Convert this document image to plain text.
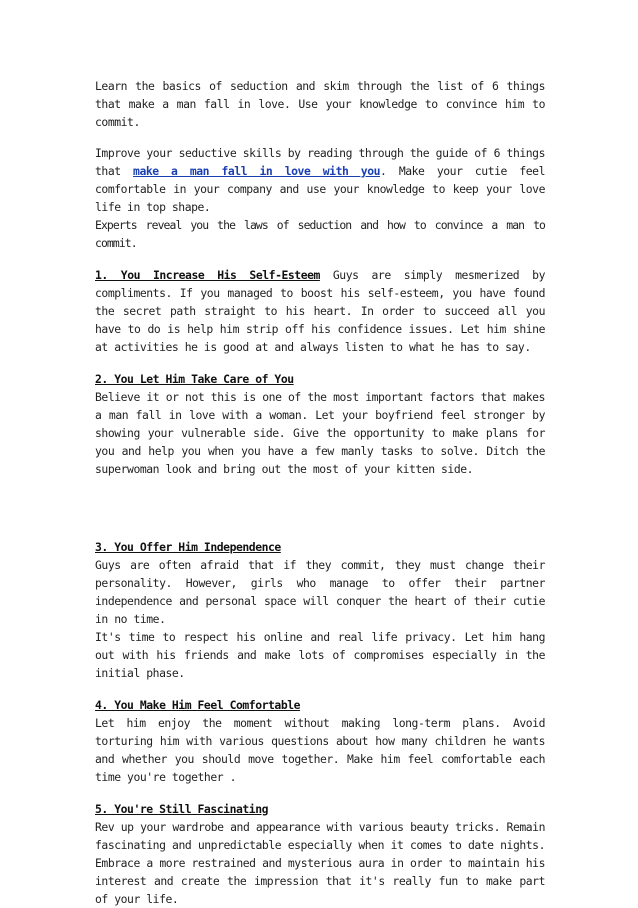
Learn the basics of seduction and skim through the list of 6 things that make a man fall in love. Use your knowledge to convince him to commit.

Improve your seductive skills by reading through the guide of 6 things that make a man fall in love with you. Make your cutie feel comfortable in your company and use your knowledge to keep your love life in top shape.

Experts reveal you the laws of seduction and how to convince a man to commit.

1. You Increase His Self-Esteem Guys are simply mesmerized by compliments. If you managed to boost his self-esteem, you have found the secret path straight to his heart. In order to succeed all you have to do is help him strip off his confidence issues. Let him shine at activities he is good at and always listen to what he has to say.

2. You Let Him Take Care of You

Believe it or not this is one of the most important factors that makes a man fall in love with a woman. Let your boyfriend feel stronger by showing your vulnerable side. Give the opportunity to make plans for you and help you when you have a few manly tasks to solve. Ditch the superwoman look and bring out the most of your kitten side.

3. You Offer Him Independence

Guys are often afraid that if they commit, they must change their personality. However, girls who manage to offer their partner independence and personal space will conquer the heart of their cutie in no time.

It's time to respect his online and real life privacy. Let him hang out with his friends and make lots of compromises especially in the initial phase.

4. You Make Him Feel Comfortable

Let him enjoy the moment without making long-term plans. Avoid torturing him with various questions about how many children he wants and whether you should move together. Make him feel comfortable each time you're together .

5. You're Still Fascinating

Rev up your wardrobe and appearance with various beauty tricks. Remain fascinating and unpredictable especially when it comes to date nights. Embrace a more restrained and mysterious aura in order to maintain his interest and create the impression that it's really fun to make part of your life.
